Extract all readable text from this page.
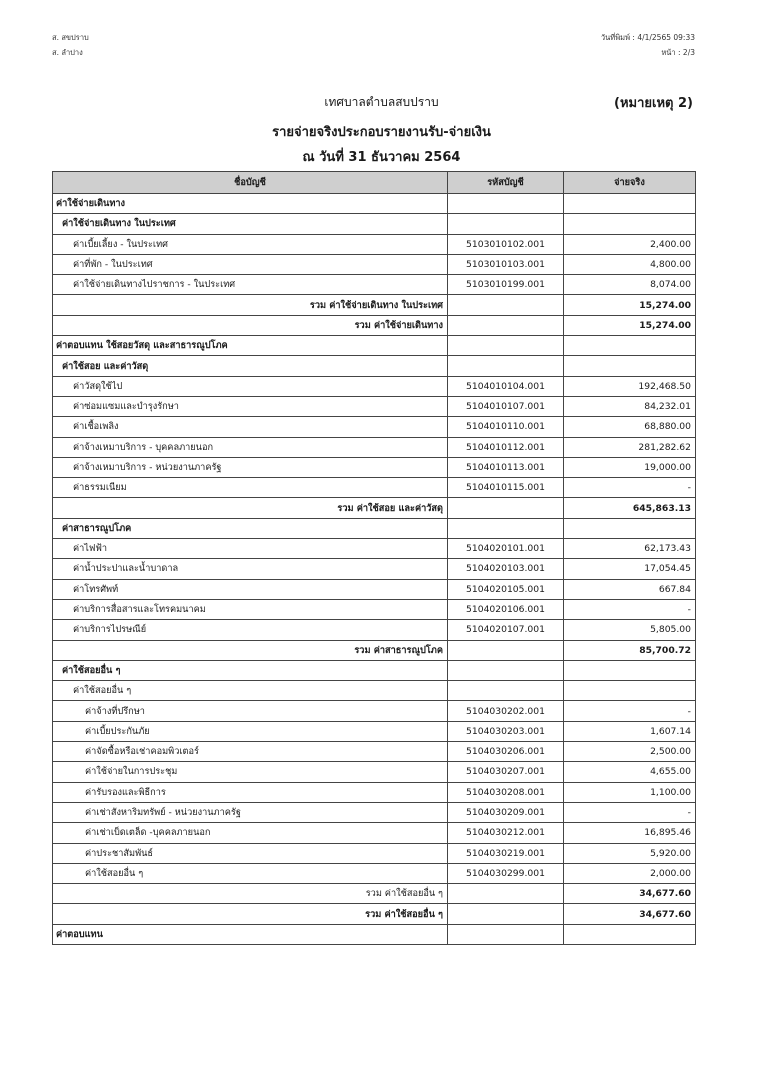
ส. สขปราบ
ส. ลำปาง
วันที่พิมพ์ : 4/1/2565 09:33
หน้า : 2/3
เทศบาลตำบลสบปราบ	(หมายเหตุ 2)
รายจ่ายจริงประกอบรายงานรับ-จ่ายเงิน
ณ วันที่ 31 ธันวาคม 2564
ชื่อบัญชี	รหัสบัญชี	จ่ายจริง
ค่าใช้จ่ายเดินทาง		
ค่าใช้จ่ายเดินทาง ในประเทศ		
ค่าเบี้ยเลี้ยง - ในประเทศ	5103010102.001	2,400.00
ค่าที่พัก - ในประเทศ	5103010103.001	4,800.00
ค่าใช้จ่ายเดินทางไปราชการ - ในประเทศ	5103010199.001	8,074.00
รวม ค่าใช้จ่ายเดินทาง ในประเทศ		15,274.00
รวม ค่าใช้จ่ายเดินทาง		15,274.00
ค่าตอบแทน ใช้สอยวัสดุ และสาธารณูปโภค		
ค่าใช้สอย และค่าวัสดุ		
ค่าวัสดุใช้ไป	5104010104.001	192,468.50
ค่าซ่อมแซมและบำรุงรักษา	5104010107.001	84,232.01
ค่าเชื้อเพลิง	5104010110.001	68,880.00
ค่าจ้างเหมาบริการ - บุคคลภายนอก	5104010112.001	281,282.62
ค่าจ้างเหมาบริการ - หน่วยงานภาครัฐ	5104010113.001	19,000.00
ค่าธรรมเนียม	5104010115.001	-
รวม ค่าใช้สอย และค่าวัสดุ		645,863.13
ค่าสาธารณูปโภค		
ค่าไฟฟ้า	5104020101.001	62,173.43
ค่าน้ำประปาและน้ำบาดาล	5104020103.001	17,054.45
ค่าโทรศัพท์	5104020105.001	667.84
ค่าบริการสื่อสารและโทรคมนาคม	5104020106.001	-
ค่าบริการไปรษณีย์	5104020107.001	5,805.00
รวม ค่าสาธารณูปโภค		85,700.72
ค่าใช้สอยอื่น ๆ		
ค่าใช้สอยอื่น ๆ		
ค่าจ้างที่ปรึกษา	5104030202.001	-
ค่าเบี้ยประกันภัย	5104030203.001	1,607.14
ค่าจัดซื้อหรือเช่าคอมพิวเตอร์	5104030206.001	2,500.00
ค่าใช้จ่ายในการประชุม	5104030207.001	4,655.00
ค่ารับรองและพิธีการ	5104030208.001	1,100.00
ค่าเช่าสังหาริมทรัพย์ - หน่วยงานภาครัฐ	5104030209.001	-
ค่าเช่าเบ็ดเตล็ด -บุคคลภายนอก	5104030212.001	16,895.46
ค่าประชาสัมพันธ์	5104030219.001	5,920.00
ค่าใช้สอยอื่น ๆ	5104030299.001	2,000.00
รวม ค่าใช้สอยอื่น ๆ		34,677.60
รวม ค่าใช้สอยอื่น ๆ		34,677.60
ค่าตอบแทน		
